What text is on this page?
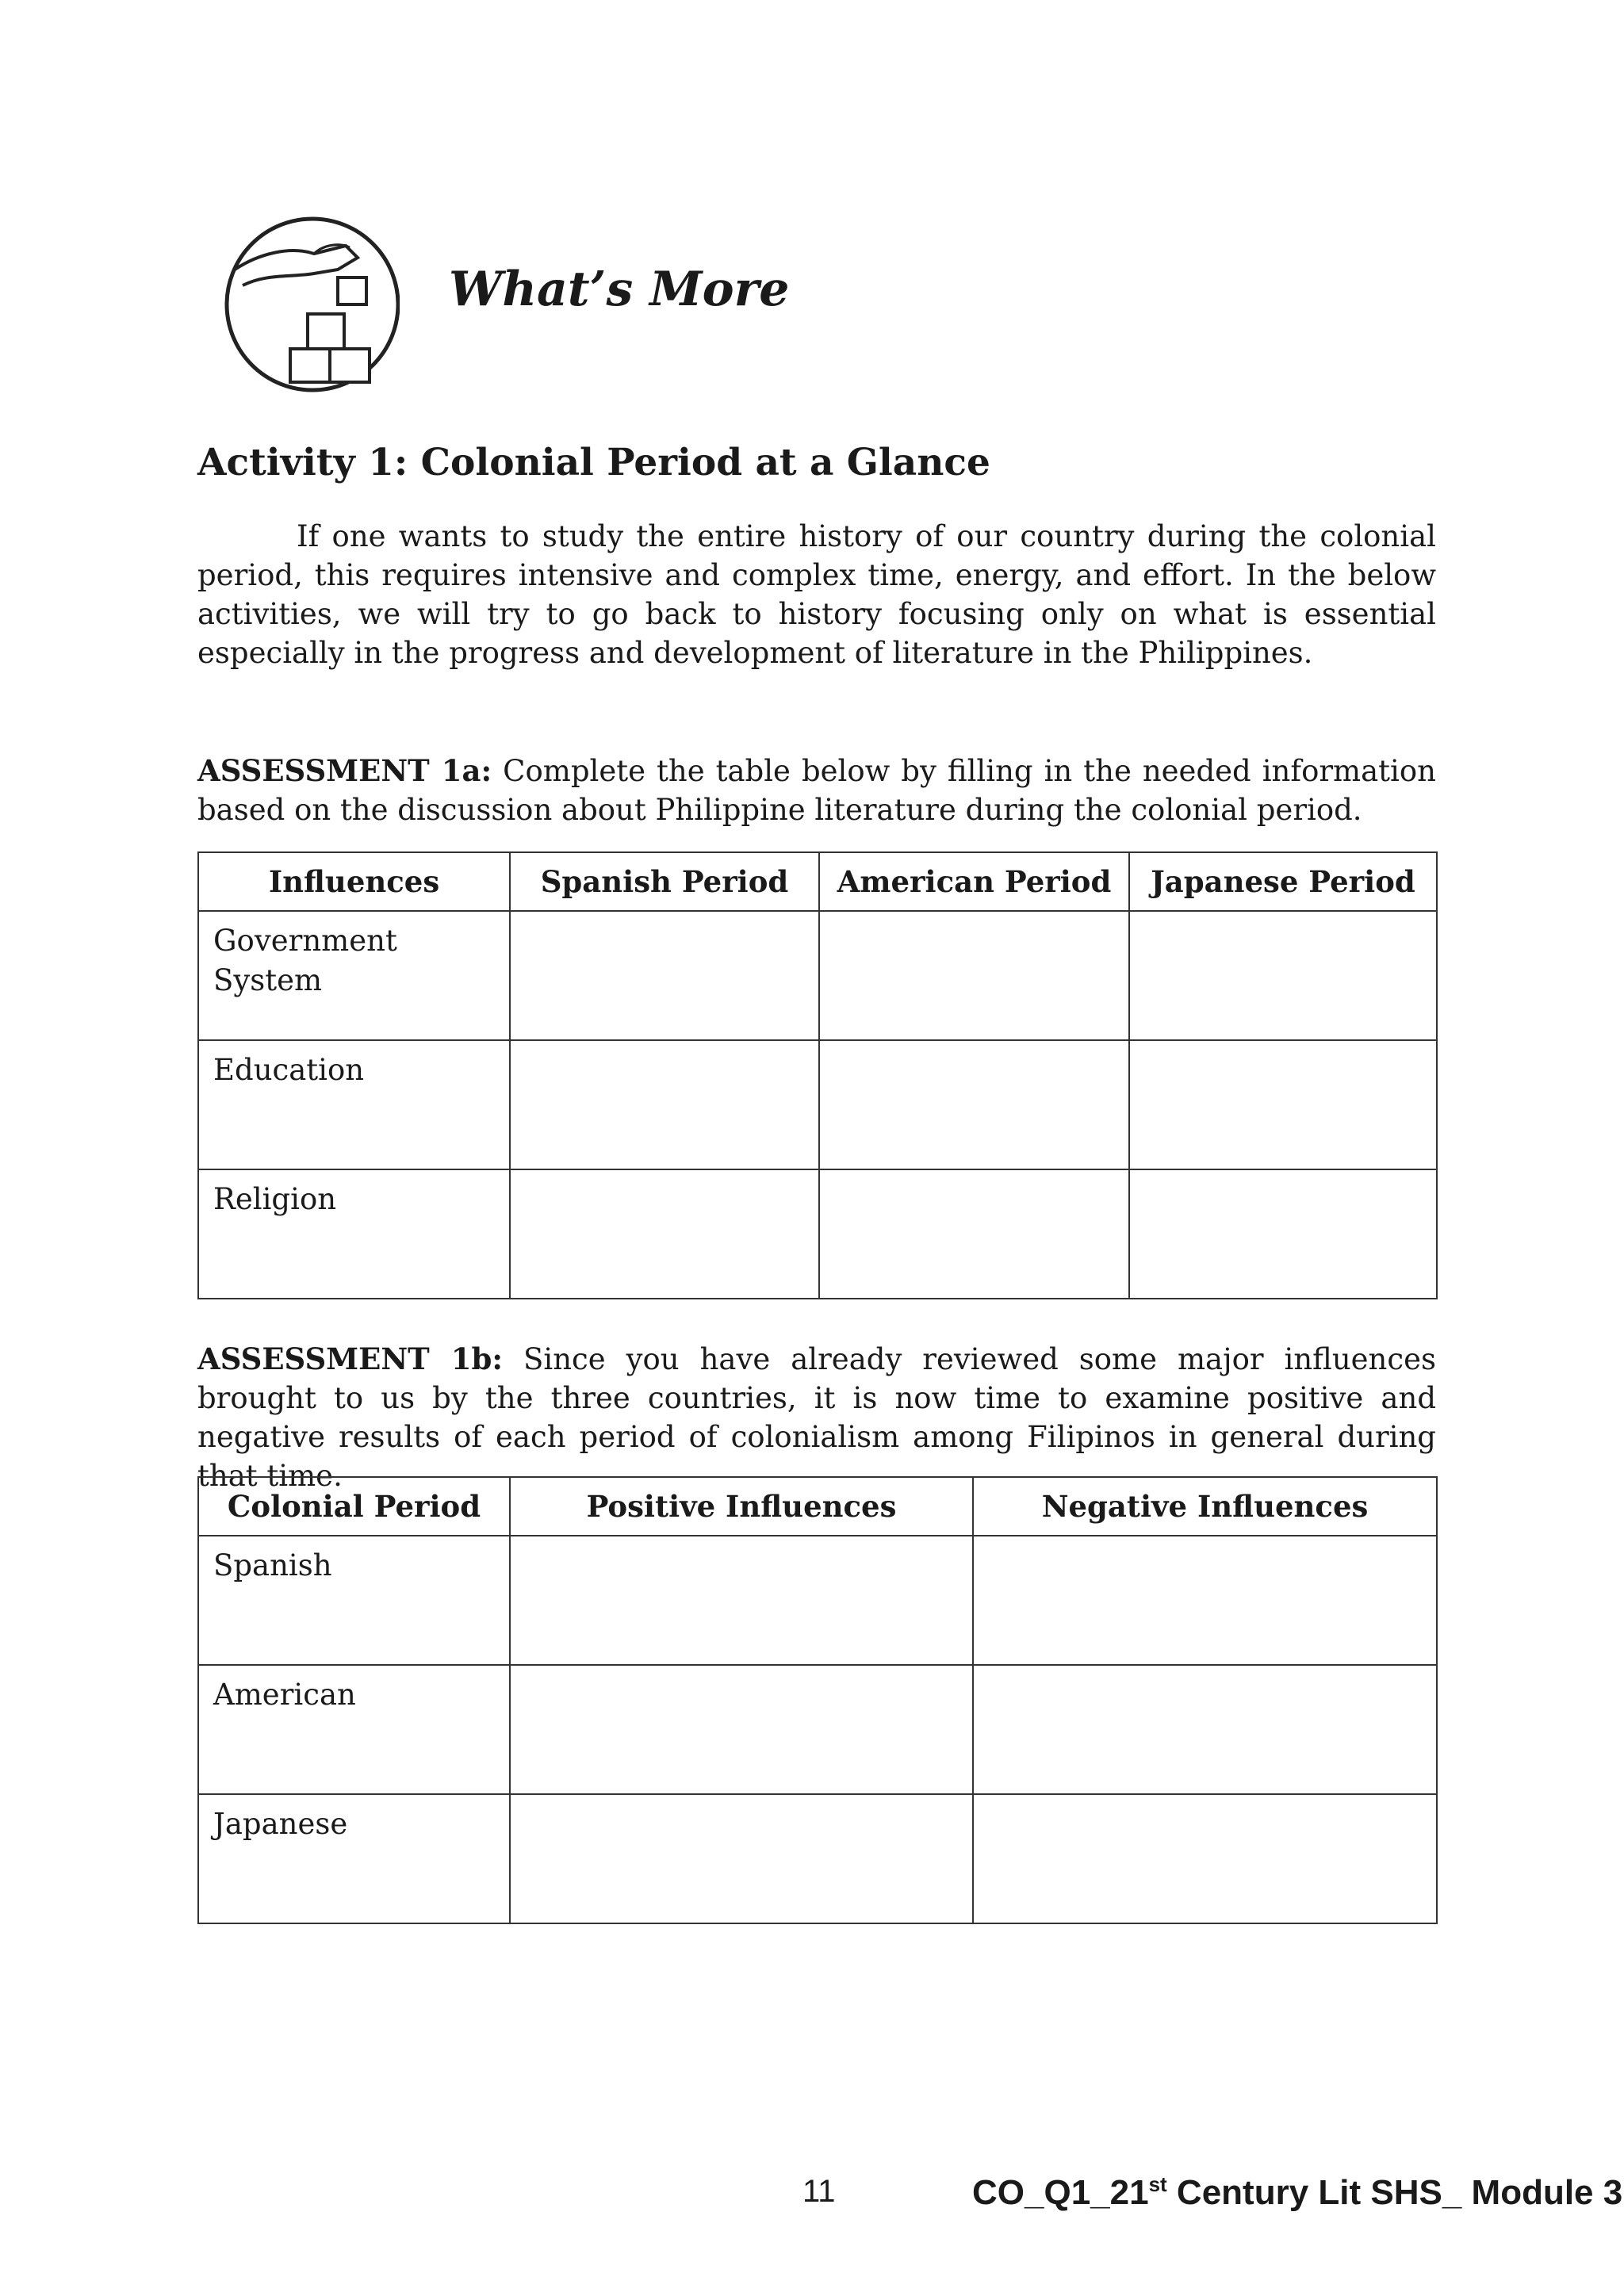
What’s More
Activity 1: Colonial Period at a Glance

If one wants to study the entire history of our country during the colonial period, this requires intensive and complex time, energy, and effort. In the below activities, we will try to go back to history focusing only on what is essential especially in the progress and development of literature in the Philippines.

ASSESSMENT 1a: Complete the table below by filling in the needed information based on the discussion about Philippine literature during the colonial period.

Influences	Spanish Period	American Period	Japanese Period
Government System			
Education			
Religion			

ASSESSMENT 1b: Since you have already reviewed some major influences brought to us by the three countries, it is now time to examine positive and negative results of each period of colonialism among Filipinos in general during that time.

Colonial Period	Positive Influences	Negative Influences
Spanish		
American		
Japanese		
11	CO_Q1_21st Century Lit SHS_ Module 3
